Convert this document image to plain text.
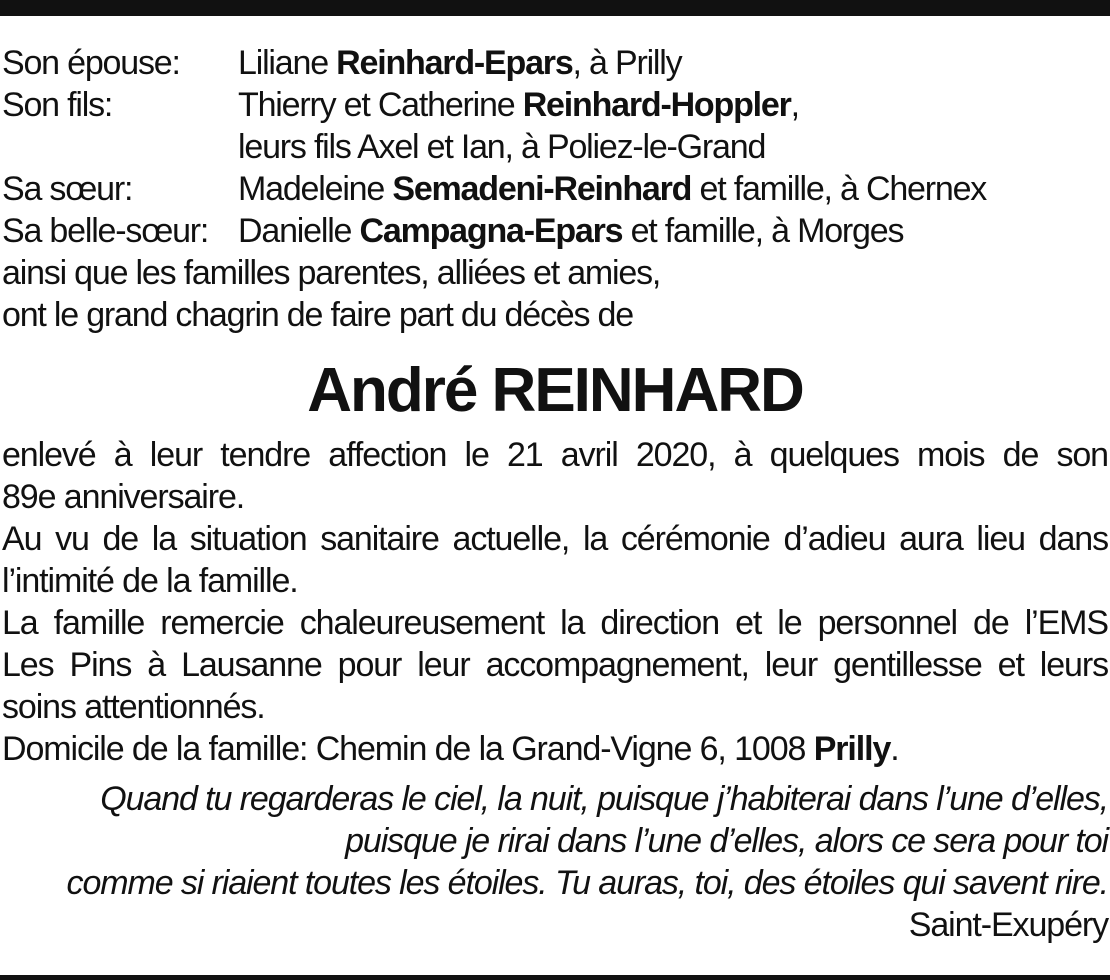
Son épouse:	Liliane Reinhard-Epars, à Prilly
Son fils:	Thierry et Catherine Reinhard-Hoppler,
leurs fils Axel et Ian, à Poliez-le-Grand
Sa sœur:	Madeleine Semadeni-Reinhard et famille, à Chernex
Sa belle-sœur: Danielle Campagna-Epars et famille, à Morges
ainsi que les familles parentes, alliées et amies,
ont le grand chagrin de faire part du décès de
André REINHARD
enlevé à leur tendre affection le 21 avril 2020, à quelques mois de son
89e anniversaire.
Au vu de la situation sanitaire actuelle, la cérémonie d’adieu aura lieu dans
l’intimité de la famille.
La famille remercie chaleureusement la direction et le personnel de l’EMS
Les Pins à Lausanne pour leur accompagnement, leur gentillesse et leurs
soins attentionnés.
Domicile de la famille: Chemin de la Grand-Vigne 6, 1008 Prilly.
Quand tu regarderas le ciel, la nuit, puisque j’habiterai dans l’une d’elles,
puisque je rirai dans l’une d’elles, alors ce sera pour toi
comme si riaient toutes les étoiles. Tu auras, toi, des étoiles qui savent rire.
Saint-Exupéry
